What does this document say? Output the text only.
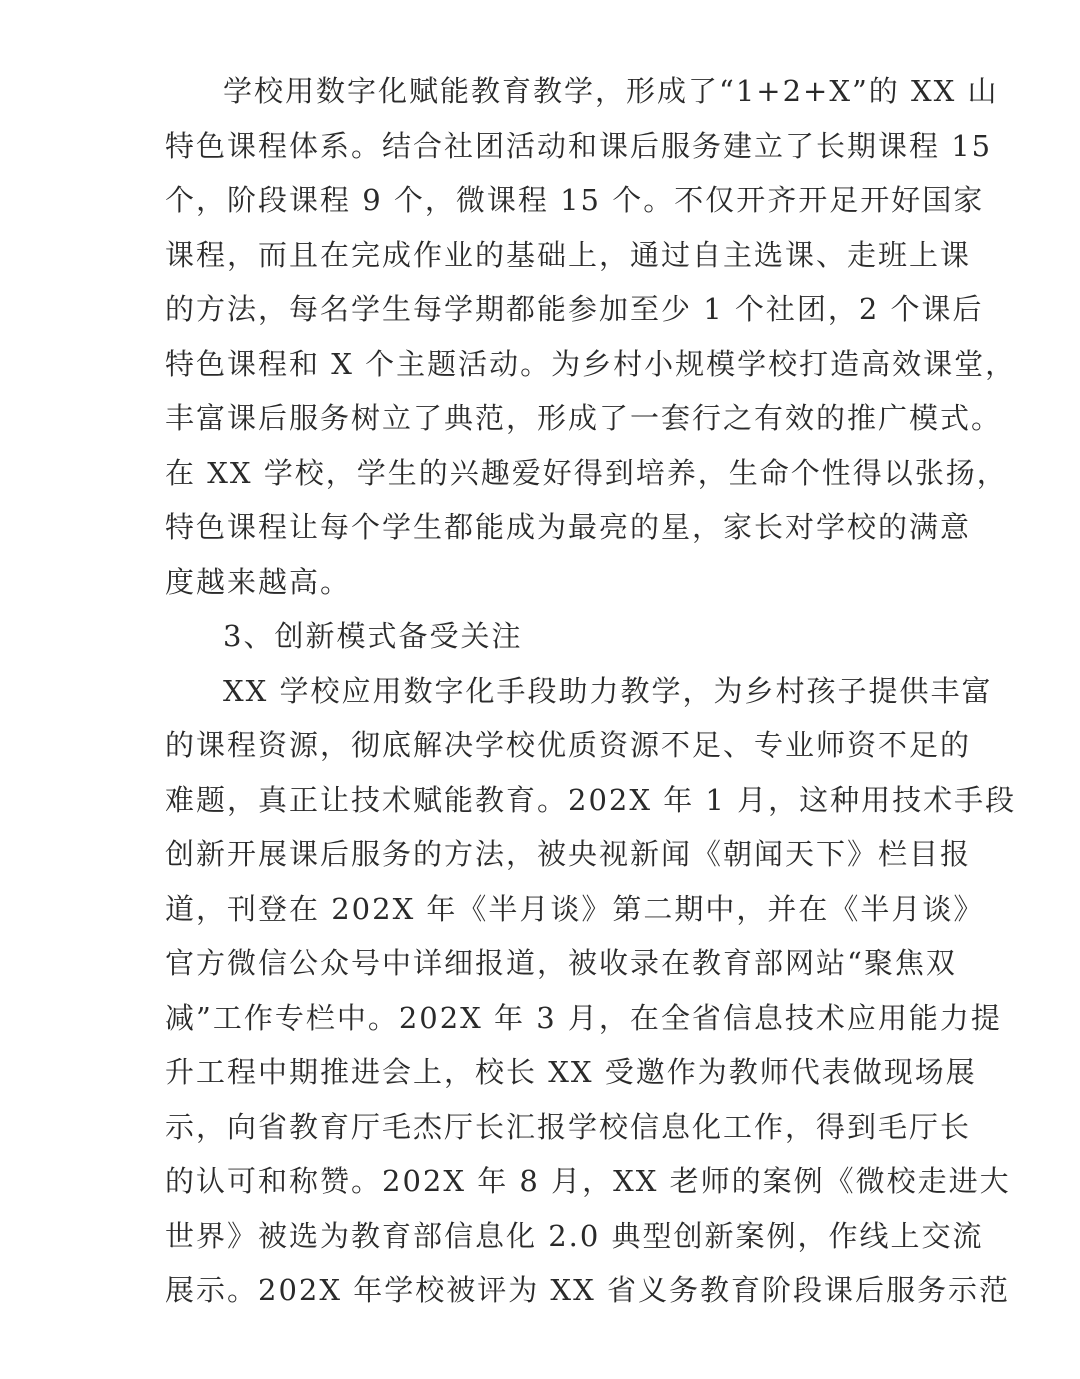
学校用数字化赋能教育教学，形成了“1+2+X”的 XX 山
特色课程体系。结合社团活动和课后服务建立了长期课程 15
个，阶段课程 9 个，微课程 15 个。不仅开齐开足开好国家
课程，而且在完成作业的基础上，通过自主选课、走班上课
的方法，每名学生每学期都能参加至少 1 个社团，2 个课后
特色课程和 X 个主题活动。为乡村小规模学校打造高效课堂，
丰富课后服务树立了典范，形成了一套行之有效的推广模式。
在 XX 学校，学生的兴趣爱好得到培养，生命个性得以张扬，
特色课程让每个学生都能成为最亮的星，家长对学校的满意
度越来越高。
3、创新模式备受关注
XX 学校应用数字化手段助力教学，为乡村孩子提供丰富
的课程资源，彻底解决学校优质资源不足、专业师资不足的
难题，真正让技术赋能教育。202X 年 1 月，这种用技术手段
创新开展课后服务的方法，被央视新闻《朝闻天下》栏目报
道，刊登在 202X 年《半月谈》第二期中，并在《半月谈》
官方微信公众号中详细报道，被收录在教育部网站“聚焦双
减”工作专栏中。202X 年 3 月，在全省信息技术应用能力提
升工程中期推进会上，校长 XX 受邀作为教师代表做现场展
示，向省教育厅毛杰厅长汇报学校信息化工作，得到毛厅长
的认可和称赞。202X 年 8 月，XX 老师的案例《微校走进大
世界》被选为教育部信息化 2.0 典型创新案例，作线上交流
展示。202X 年学校被评为 XX 省义务教育阶段课后服务示范
